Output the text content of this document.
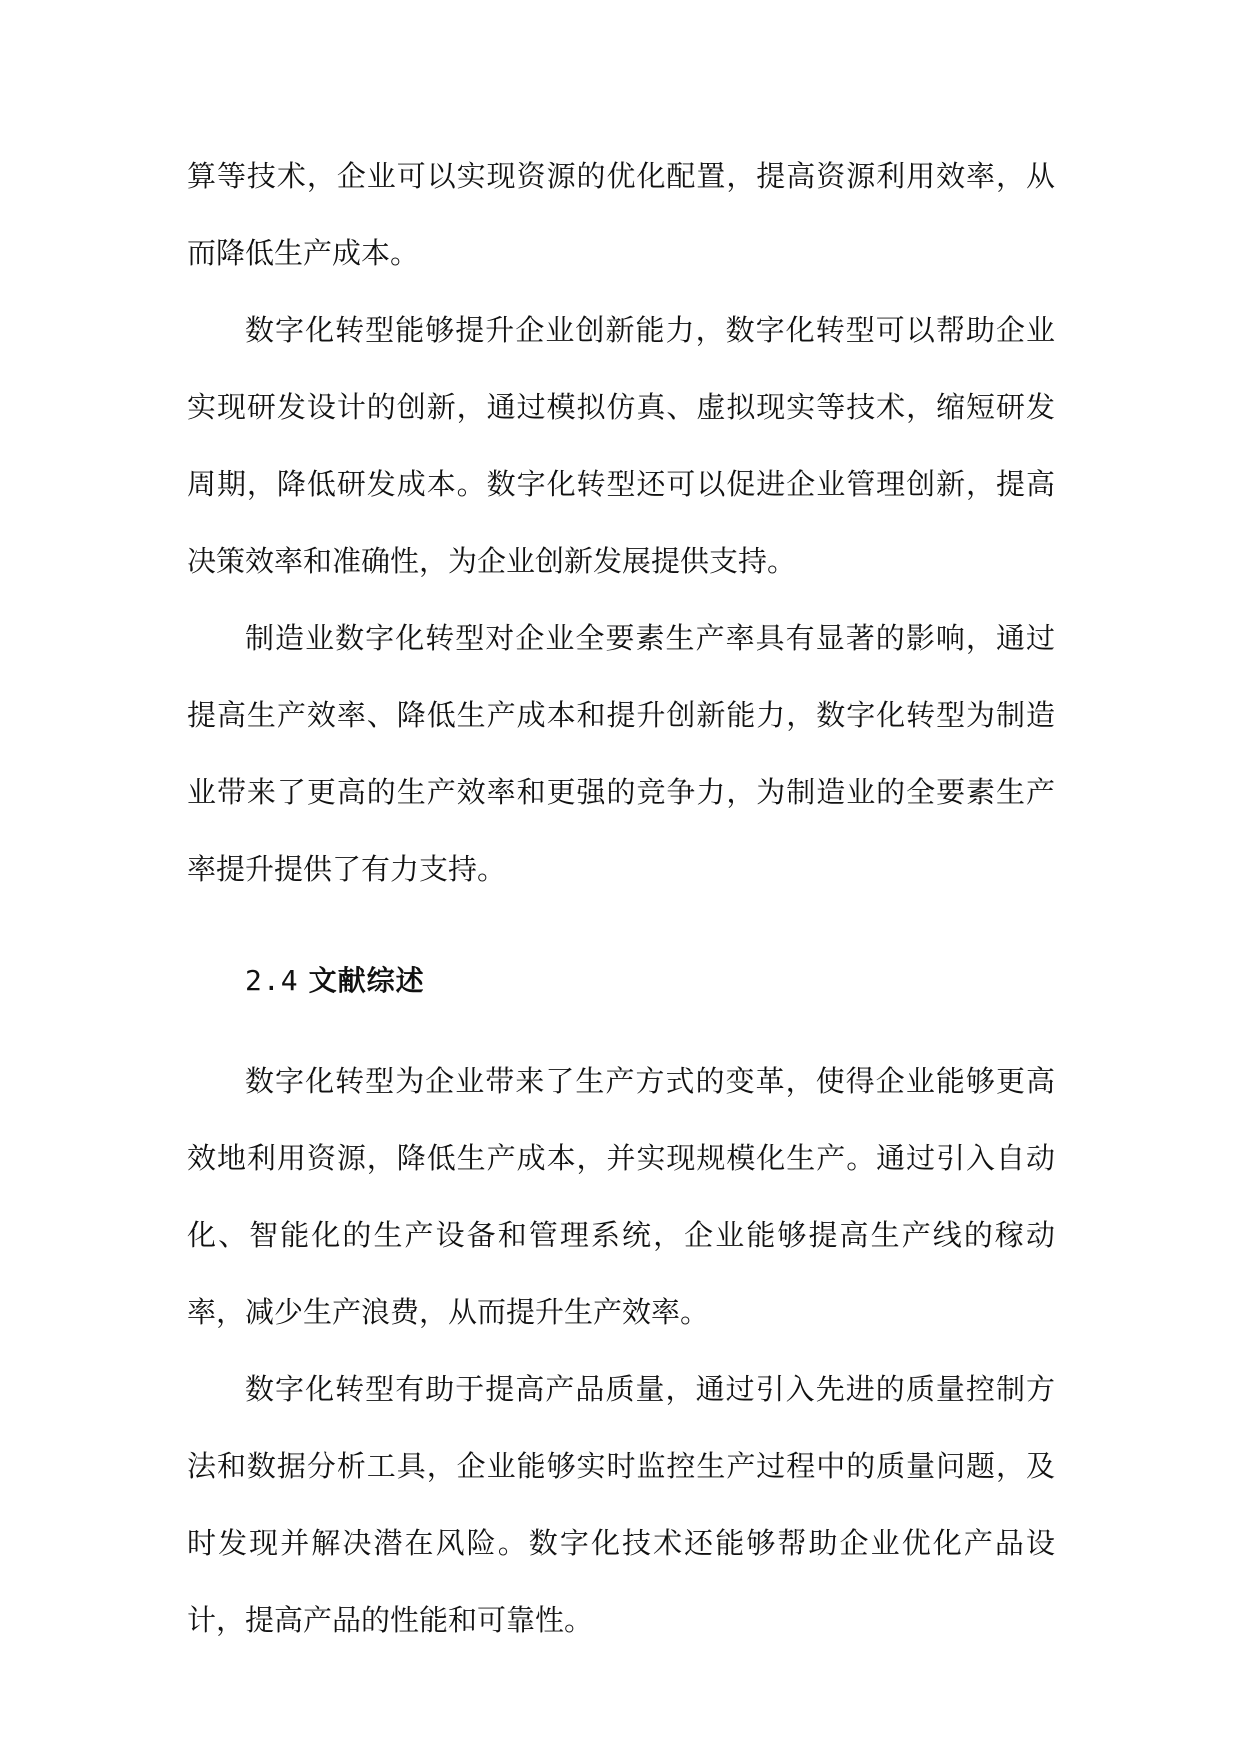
算等技术，企业可以实现资源的优化配置，提高资源利用效率，从而降低生产成本。

数字化转型能够提升企业创新能力，数字化转型可以帮助企业实现研发设计的创新，通过模拟仿真、虚拟现实等技术，缩短研发周期，降低研发成本。数字化转型还可以促进企业管理创新，提高决策效率和准确性，为企业创新发展提供支持。

制造业数字化转型对企业全要素生产率具有显著的影响，通过提高生产效率、降低生产成本和提升创新能力，数字化转型为制造业带来了更高的生产效率和更强的竞争力，为制造业的全要素生产率提升提供了有力支持。

2.4 文献综述

数字化转型为企业带来了生产方式的变革，使得企业能够更高效地利用资源，降低生产成本，并实现规模化生产。通过引入自动化、智能化的生产设备和管理系统，企业能够提高生产线的稼动率，减少生产浪费，从而提升生产效率。

数字化转型有助于提高产品质量，通过引入先进的质量控制方法和数据分析工具，企业能够实时监控生产过程中的质量问题，及时发现并解决潜在风险。数字化技术还能够帮助企业优化产品设计，提高产品的性能和可靠性。
